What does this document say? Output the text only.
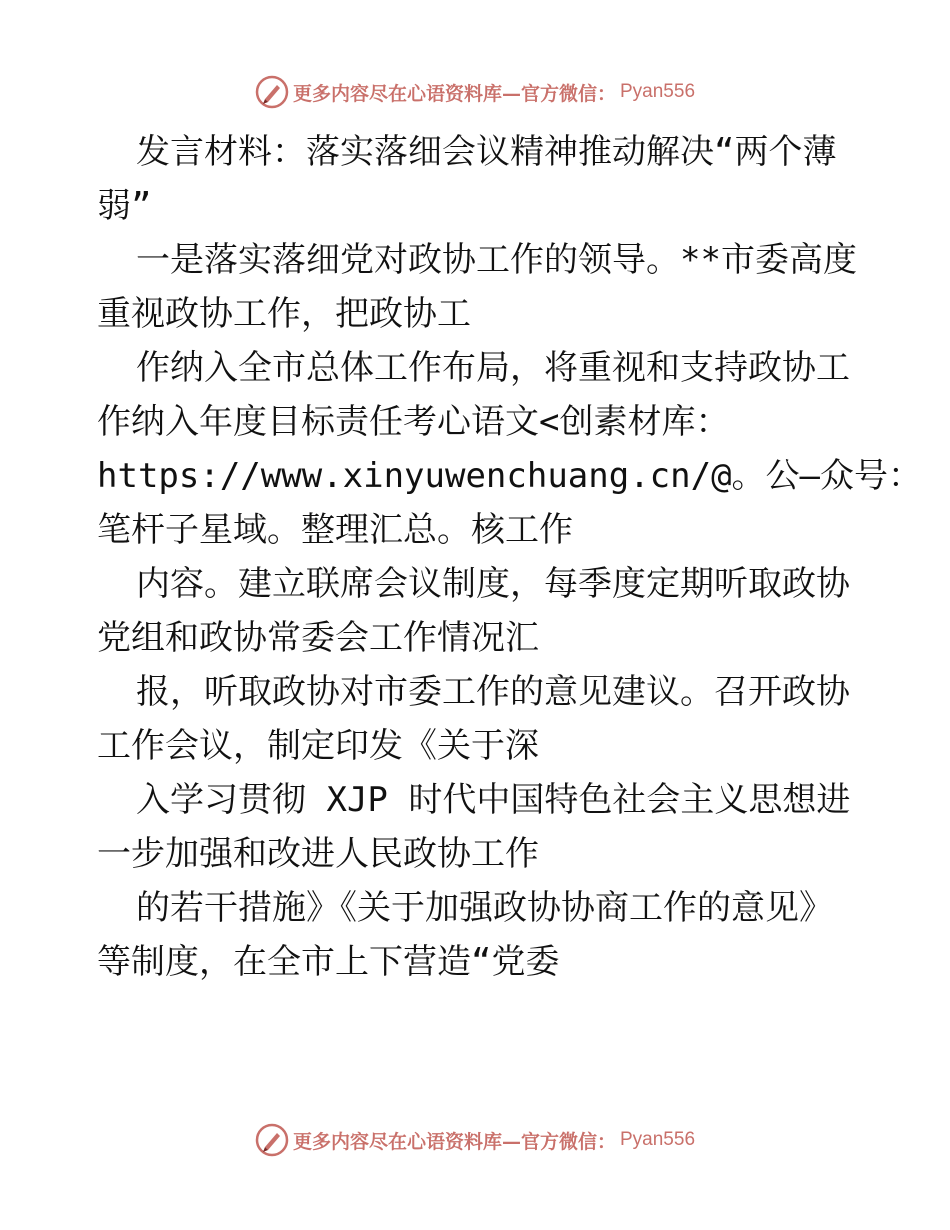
更多内容尽在心语资料库—官方微信： Pyan556

发言材料：落实落细会议精神推动解决“两个薄
弱”

一是落实落细党对政协工作的领导。**市委高度
重视政协工作，把政协工

作纳入全市总体工作布局，将重视和支持政协工
作纳入年度目标责任考心语文<创素材库：
https://www.xinyuwenchuang.cn/@。公—众号：
笔杆子星域。整理汇总。核工作

内容。建立联席会议制度，每季度定期听取政协
党组和政协常委会工作情况汇

报，听取政协对市委工作的意见建议。召开政协
工作会议，制定印发《关于深

入学习贯彻 XJP 时代中国特色社会主义思想进
一步加强和改进人民政协工作

的若干措施》《关于加强政协协商工作的意见》
等制度，在全市上下营造“党委

更多内容尽在心语资料库—官方微信： Pyan556
